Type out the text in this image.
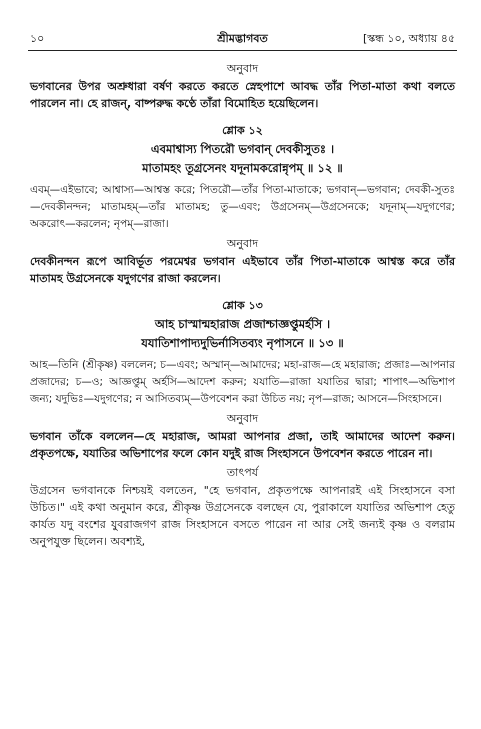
১০	শ্রীমদ্ভাগবত	[স্কন্ধ ১০, অধ্যায় ৪৫
অনুবাদ
ভগবানের উপর অশ্রুধারা বর্ষণ করতে করতে স্নেহপাশে আবদ্ধ তাঁর পিতা-মাতা কথা বলতে পারলেন না। হে রাজন্, বাষ্পরুদ্ধ কণ্ঠে তাঁরা বিমোহিত হয়েছিলেন।
শ্লোক ১২
এবমাশ্বাস্য পিতরৌ ভগবান্ দেবকীসুতঃ ।
মাতামহং তূগ্রসেনং যদূনামকরোন্নৃপম্ ॥ ১২ ॥
এবম্—এইভাবে; আশ্বাস্য—আশ্বস্ত করে; পিতরৌ—তাঁর পিতা-মাতাকে; ভগবান্—ভগবান; দেবকী-সুতঃ—দেবকীনন্দন; মাতামহম্—তাঁর মাতামহ; তু—এবং; উগ্রসেনম্—উগ্রসেনকে; যদূনাম্—যদুগণের; অকরোৎ—করলেন; নৃপম্—রাজা।
অনুবাদ
দেবকীনন্দন রূপে আবির্ভূত পরমেশ্বর ভগবান এইভাবে তাঁর পিতা-মাতাকে আশ্বস্ত করে তাঁর মাতামহ উগ্রসেনকে যদুগণের রাজা করলেন।
শ্লোক ১৩
আহ চাস্মান্মহারাজ প্রজাশ্চাজ্ঞপ্তুমর্হসি ।
যযাতিশাপাদ্যদুভির্নাসিতব্যং নৃপাসনে ॥ ১৩ ॥
আহ—তিনি (শ্রীকৃষ্ণ) বললেন; চ—এবং; অস্মান্—আমাদের; মহা-রাজ—হে মহারাজ; প্রজাঃ—আপনার প্রজাদের; চ—ও; আজ্ঞপ্তুম্ অর্হসি—আদেশ করুন; যযাতি—রাজা যযাতির দ্বারা; শাপাৎ—অভিশাপ জন্য; যদুভিঃ—যদুগণের; ন আসিতব্যম্—উপবেশন করা উচিত নয়; নৃপ—রাজ; আসনে—সিংহাসনে।
অনুবাদ
ভগবান তাঁকে বললেন—হে মহারাজ, আমরা আপনার প্রজা, তাই আমাদের আদেশ করুন। প্রকৃতপক্ষে, যযাতির অভিশাপের ফলে কোন যদুই রাজ সিংহাসনে উপবেশন করতে পারেন না।
তাৎপর্য
উগ্রসেন ভগবানকে নিশ্চয়ই বলতেন, "হে ভগবান, প্রকৃতপক্ষে আপনারই এই সিংহাসনে বসা উচিত।" এই কথা অনুমান করে, শ্রীকৃষ্ণ উগ্রসেনকে বলছেন যে, পুরাকালে যযাতির অভিশাপ হেতু কার্যত যদু বংশের যুবরাজগণ রাজ সিংহাসনে বসতে পারেন না আর সেই জন্যই কৃষ্ণ ও বলরাম অনুপযুক্ত ছিলেন। অবশ্যই,
